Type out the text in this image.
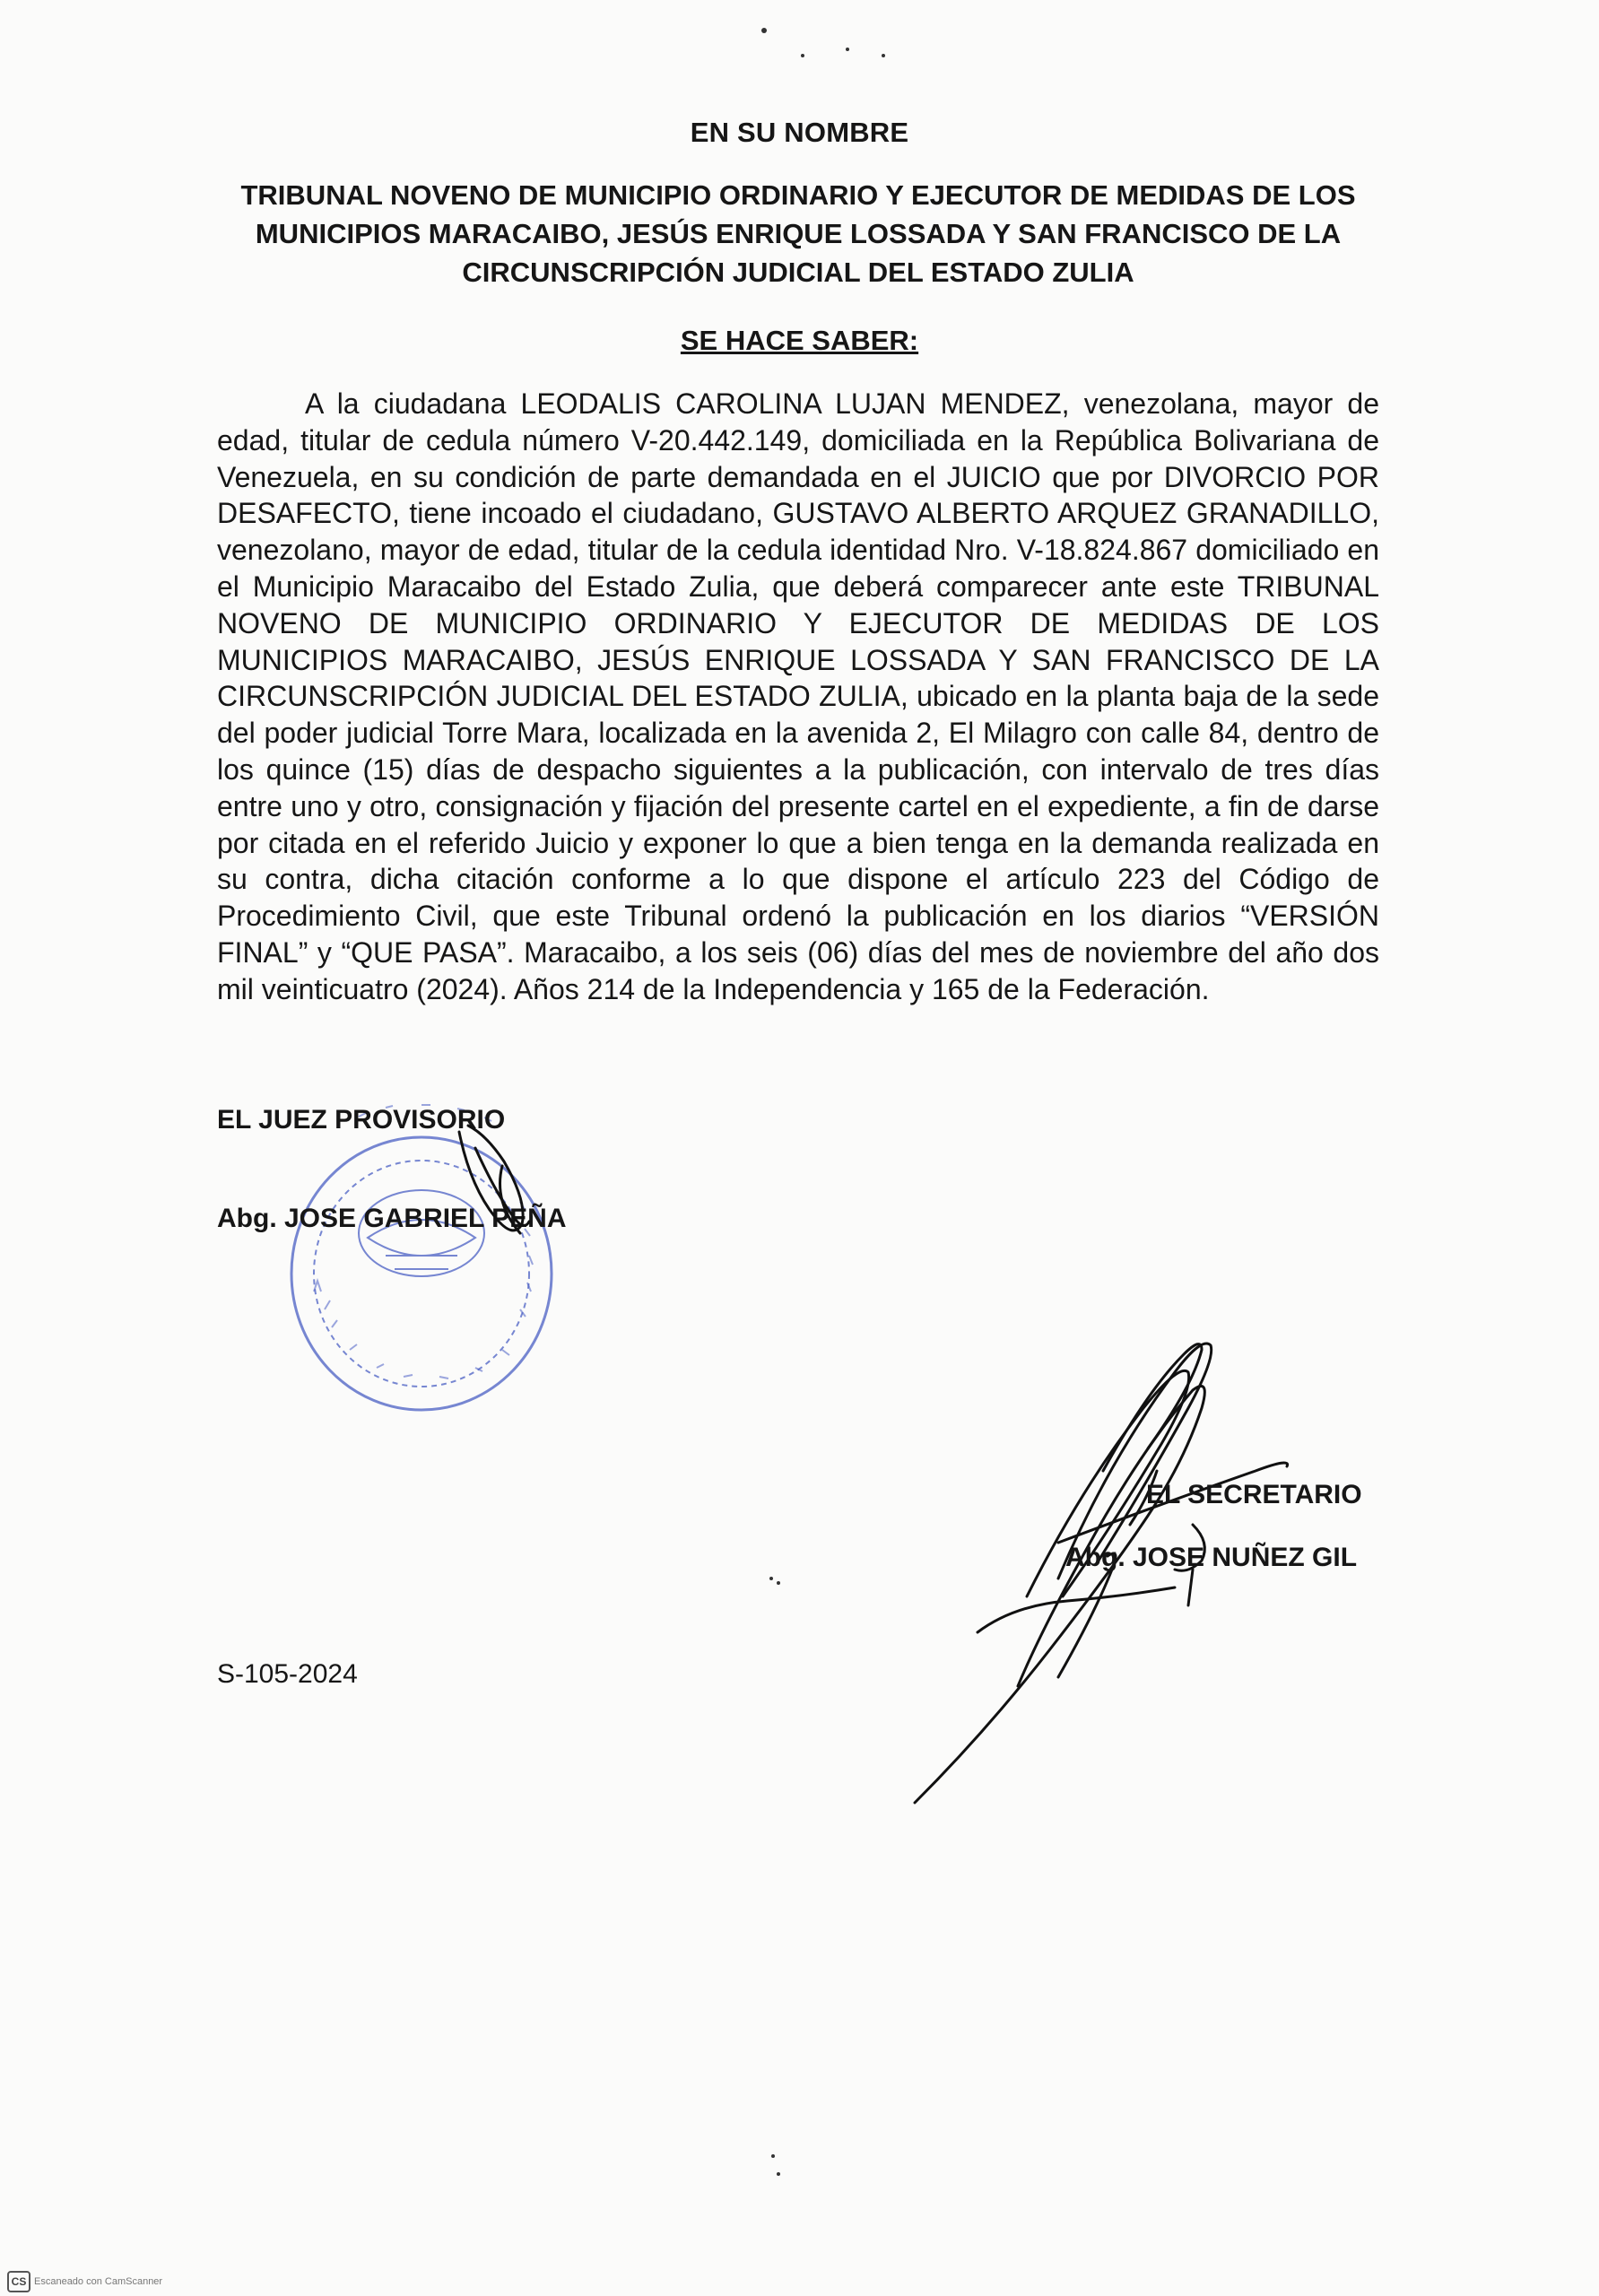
EN SU NOMBRE
TRIBUNAL NOVENO DE MUNICIPIO ORDINARIO Y EJECUTOR DE MEDIDAS DE LOS
MUNICIPIOS MARACAIBO, JESÚS ENRIQUE LOSSADA Y SAN FRANCISCO DE LA
CIRCUNSCRIPCIÓN JUDICIAL DEL ESTADO ZULIA
SE HACE SABER:
A la ciudadana LEODALIS CAROLINA LUJAN MENDEZ, venezolana, mayor de edad, titular de cedula número V-20.442.149, domiciliada en la República Bolivariana de Venezuela, en su condición de parte demandada en el JUICIO que por DIVORCIO POR DESAFECTO, tiene incoado el ciudadano, GUSTAVO ALBERTO ARQUEZ GRANADILLO, venezolano, mayor de edad, titular de la cedula identidad Nro. V-18.824.867 domiciliado en el Municipio Maracaibo del Estado Zulia, que deberá comparecer ante este TRIBUNAL NOVENO DE MUNICIPIO ORDINARIO Y EJECUTOR DE MEDIDAS DE LOS MUNICIPIOS MARACAIBO, JESÚS ENRIQUE LOSSADA Y SAN FRANCISCO DE LA CIRCUNSCRIPCIÓN JUDICIAL DEL ESTADO ZULIA, ubicado en la planta baja de la sede del poder judicial Torre Mara, localizada en la avenida 2, El Milagro con calle 84, dentro de los quince (15) días de despacho siguientes a la publicación, con intervalo de tres días entre uno y otro, consignación y fijación del presente cartel en el expediente, a fin de darse por citada en el referido Juicio y exponer lo que a bien tenga en la demanda realizada en su contra, dicha citación conforme a lo que dispone el artículo 223 del Código de Procedimiento Civil, que este Tribunal ordenó la publicación en los diarios “VERSIÓN FINAL” y “QUE PASA”. Maracaibo, a los seis (06) días del mes de noviembre del año dos mil veinticuatro (2024). Años 214 de la Independencia y 165 de la Federación.
EL JUEZ PROVISORIO
Abg. JOSE GABRIEL PEÑA
EL SECRETARIO
Abg. JOSE NUÑEZ GIL
S-105-2024
CS Escaneado con CamScanner
